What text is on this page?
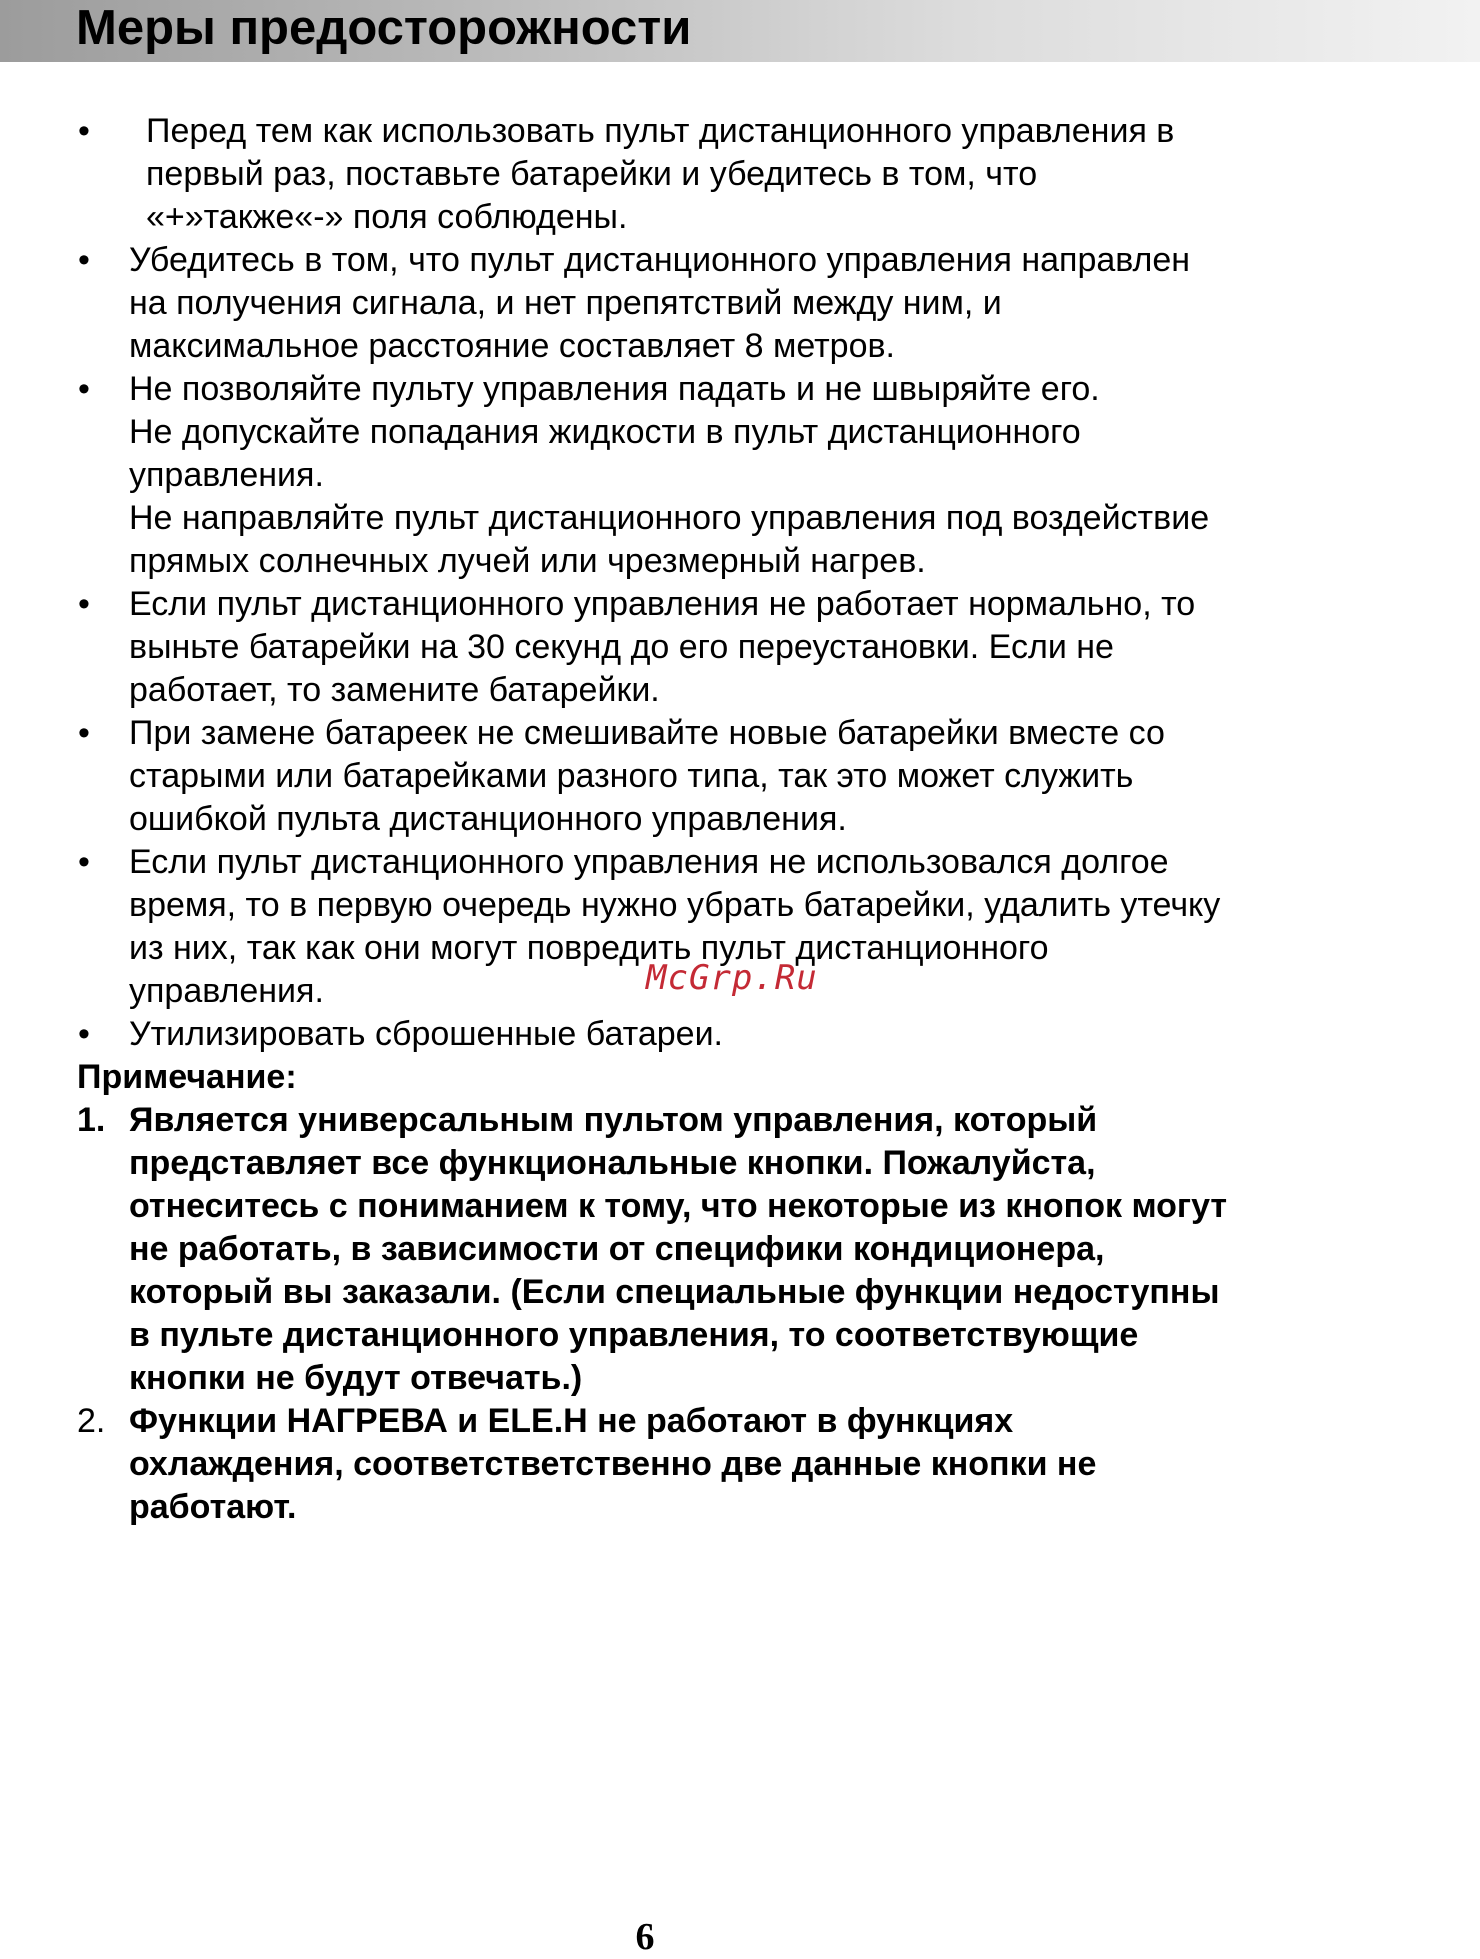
Меры предосторожности
• Перед тем как использовать пульт дистанционного управления в
первый раз, поставьте батарейки и убедитесь в том, что
«+»также«-» поля соблюдены.
• Убедитесь в том, что пульт дистанционного управления направлен
на получения сигнала, и нет препятствий между ним, и
максимальное расстояние составляет 8 метров.
• Не позволяйте пульту управления падать и не швыряйте его.
Не допускайте попадания жидкости в пульт дистанционного
управления.
Не направляйте пульт дистанционного управления под воздействие
прямых солнечных лучей или чрезмерный нагрев.
• Если пульт дистанционного управления не работает нормально, то
выньте батарейки на 30 секунд до его переустановки. Если не
работает, то замените батарейки.
• При замене батареек не смешивайте новые батарейки вместе со
старыми или батарейками разного типа, так это может служить
ошибкой пульта дистанционного управления.
• Если пульт дистанционного управления не использовался долгое
время, то в первую очередь нужно убрать батарейки, удалить утечку
из них, так как они могут повредить пульт дистанционного
управления.
• Утилизировать сброшенные батареи.
Примечание:
1. Является универсальным пультом управления, который
представляет все функциональные кнопки. Пожалуйста,
отнеситесь с пониманием к тому, что некоторые из кнопок могут
не работать, в зависимости от специфики кондиционера,
который вы заказали. (Если специальные функции недоступны
в пульте дистанционного управления, то соответствующие
кнопки не будут отвечать.)
2. Функции НАГРЕВА и ELE.H не работают в функциях
охлаждения, соответстветственно две данные кнопки не
работают.
McGrp.Ru
6
